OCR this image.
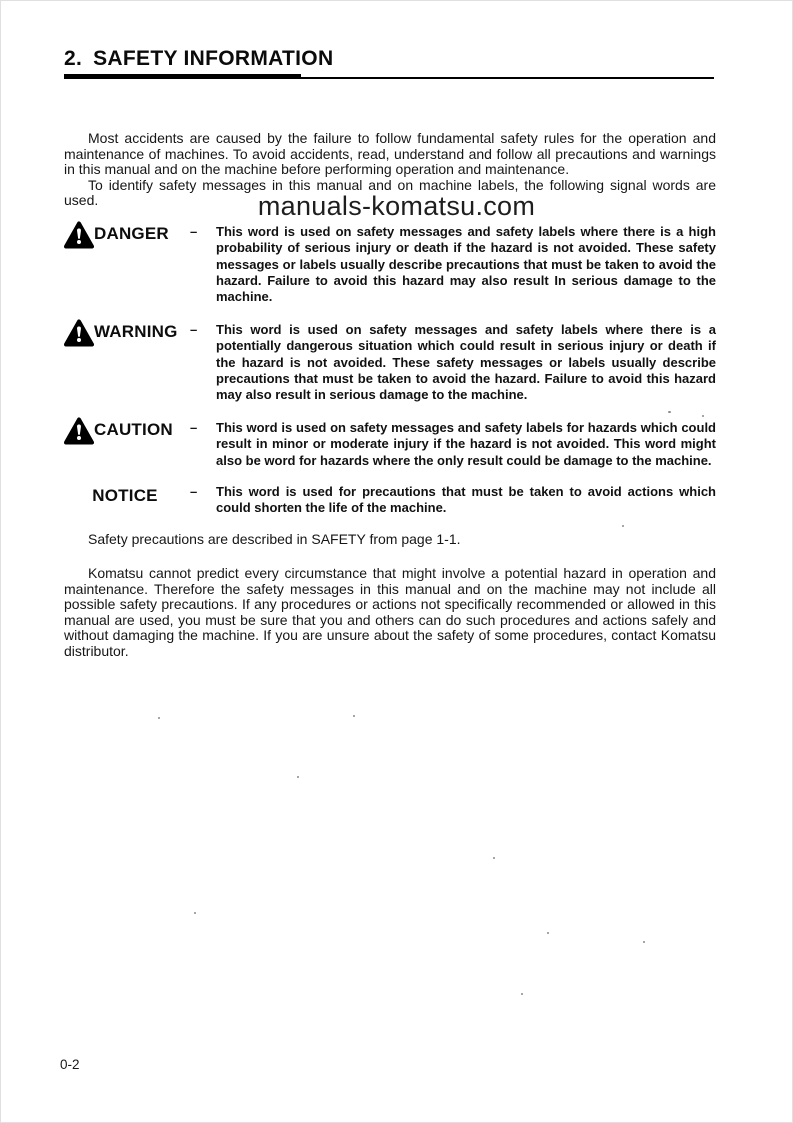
2. SAFETY INFORMATION

Most accidents are caused by the failure to follow fundamental safety rules for the operation and maintenance of machines. To avoid accidents, read, understand and follow all precautions and warnings in this manual and on the machine before performing operation and maintenance.

To identify safety messages in this manual and on machine labels, the following signal words are used.	manuals-komatsu.com
DANGER	–	This word is used on safety messages and safety labels where there is a high probability of serious injury or death if the hazard is not avoided. These safety messages or labels usually describe precautions that must be taken to avoid the hazard. Failure to avoid this hazard may also result In serious damage to the machine.
WARNING –	This word is used on safety messages and safety labels where there is a potentially dangerous situation which could result in serious injury or death if the hazard is not avoided. These safety messages or labels usually describe precautions that must be taken to avoid the hazard. Failure to avoid this hazard may also result in serious damage to the machine.
CAUTION	–	This word is used on safety messages and safety labels for hazards which could result in minor or moderate injury if the hazard is not avoided. This word might also be word for hazards where the only result could be damage to the machine.
NOTICE	–	This word is used for precautions that must be taken to avoid actions which could shorten the life of the machine.

Safety precautions are described in SAFETY from page 1-1.

Komatsu cannot predict every circumstance that might involve a potential hazard in operation and maintenance. Therefore the safety messages in this manual and on the machine may not include all possible safety precautions. If any procedures or actions not specifically recommended or allowed in this manual are used, you must be sure that you and others can do such procedures and actions safely and without damaging the machine. If you are unsure about the safety of some procedures, contact Komatsu distributor.

0-2
